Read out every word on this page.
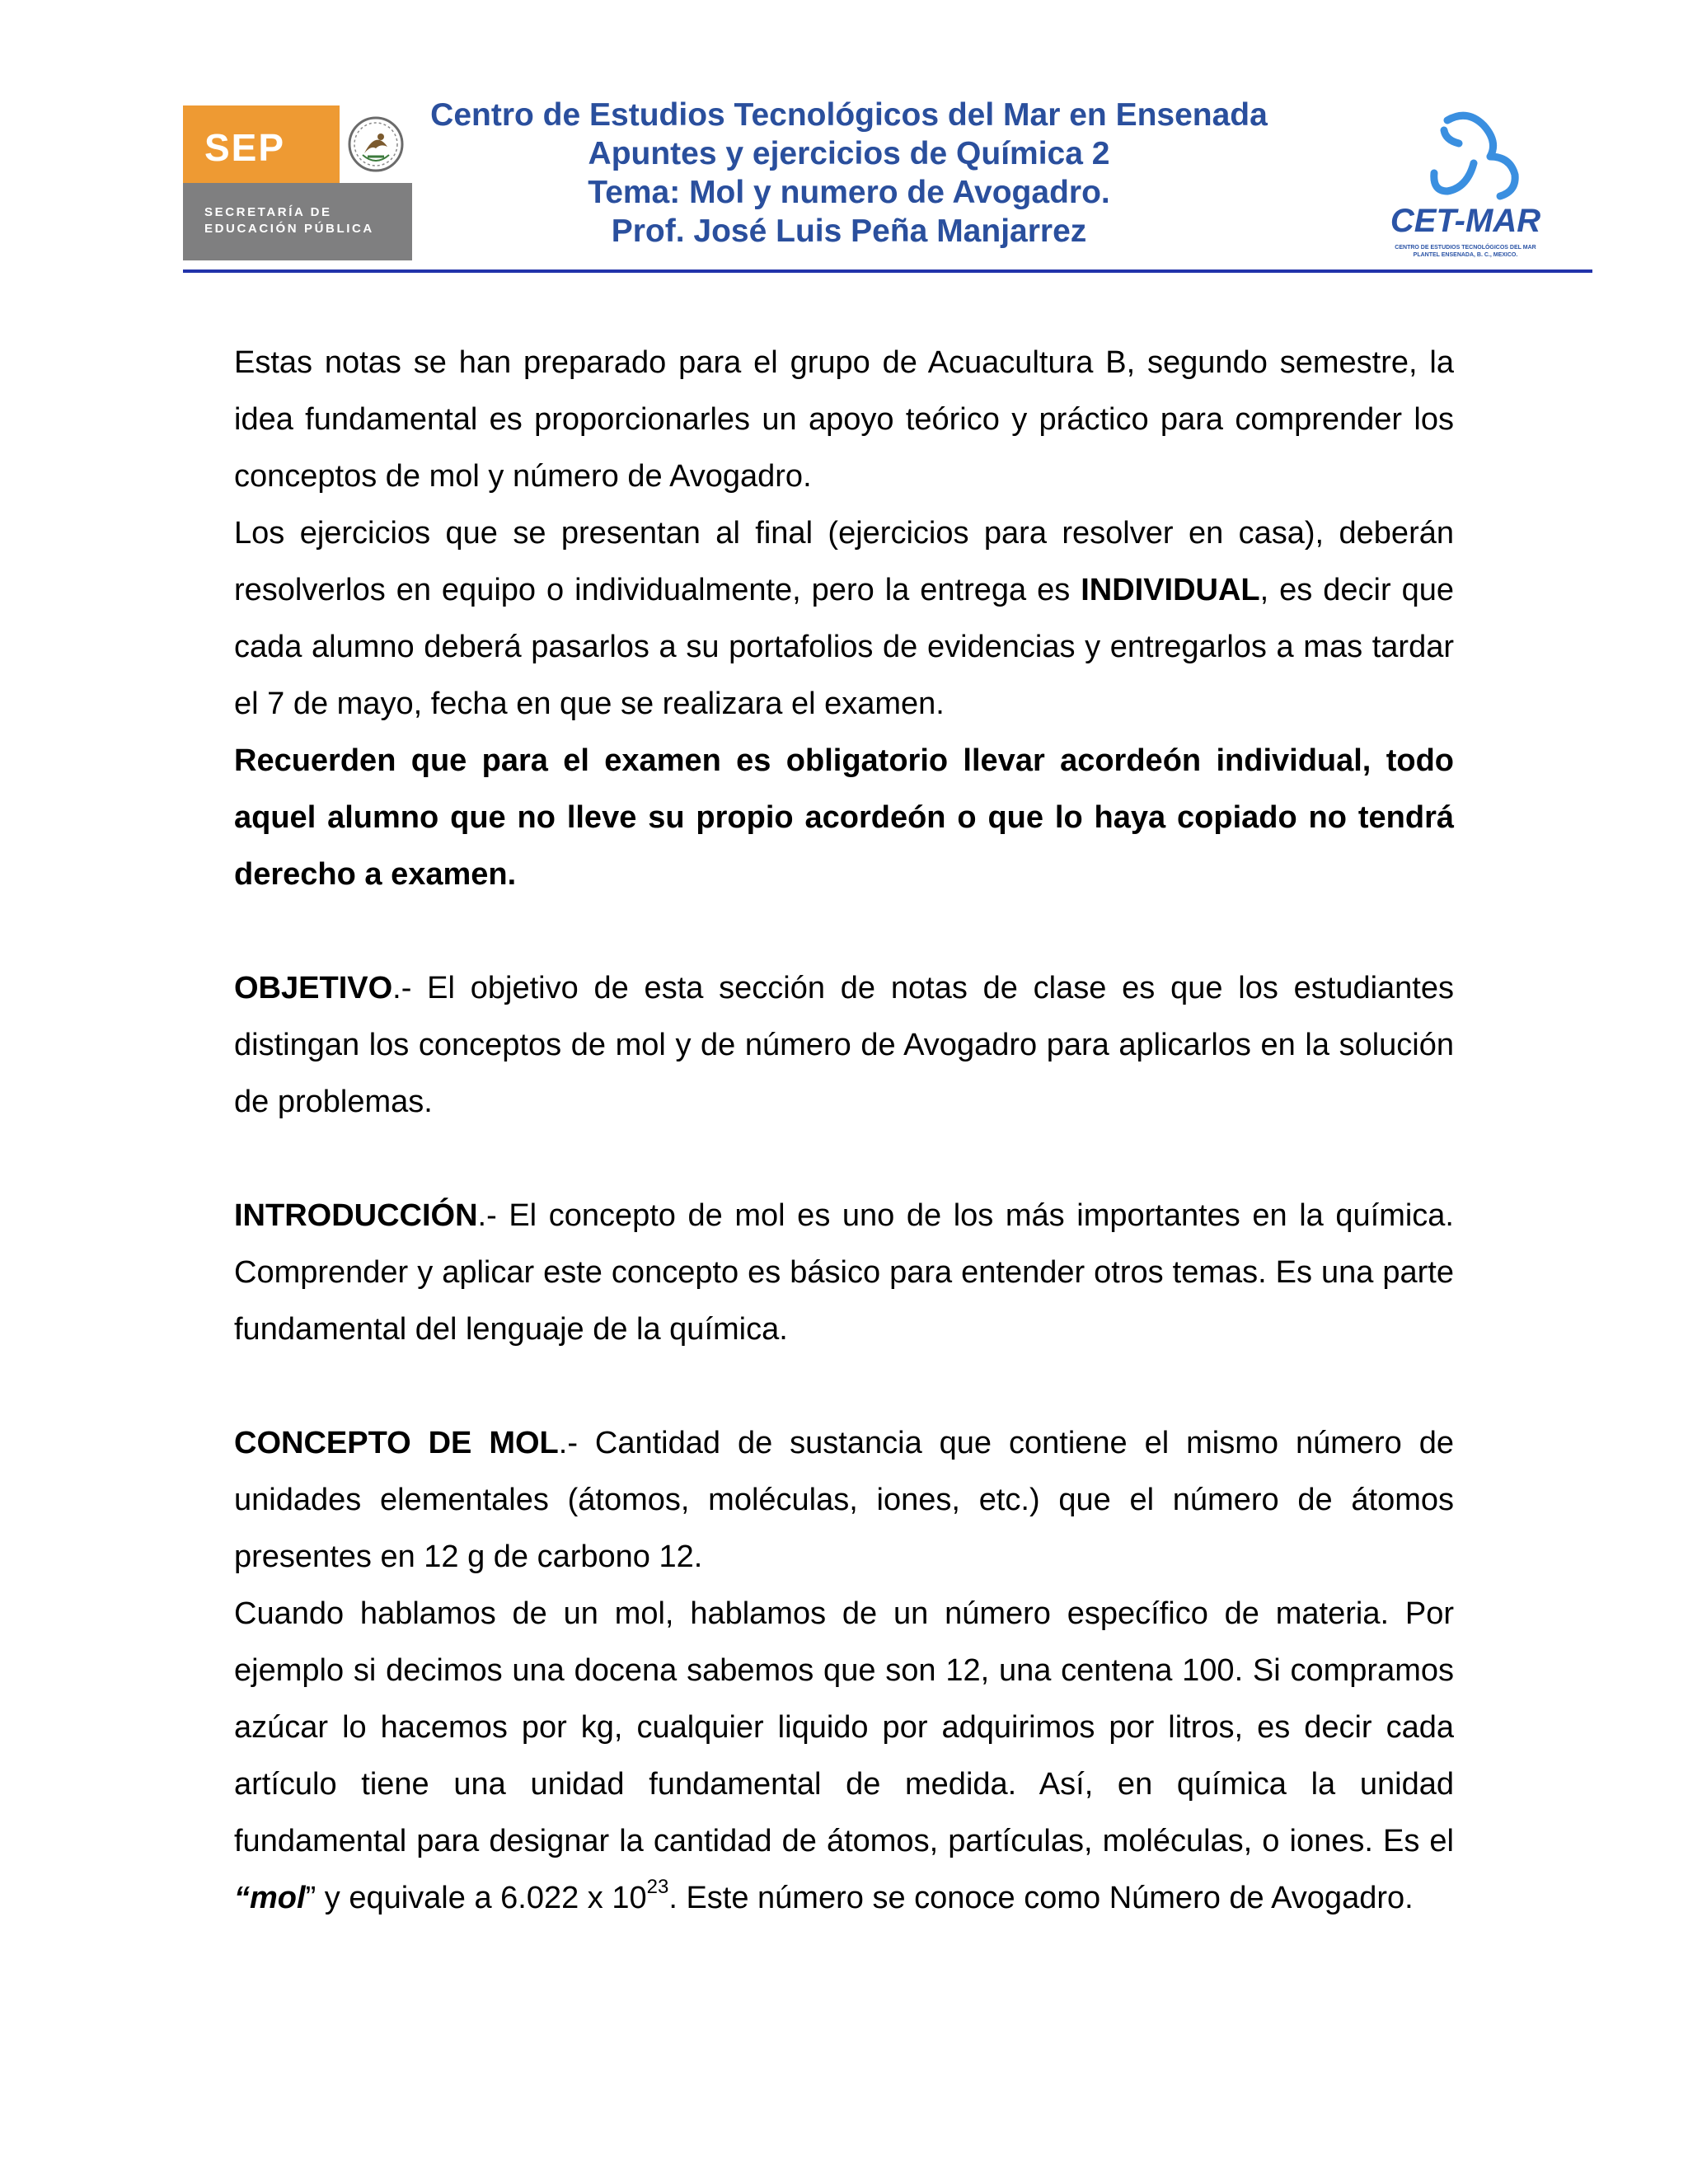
SEP
SECRETARÍA DE
EDUCACIÓN PÚBLICA
Centro de Estudios Tecnológicos del Mar en Ensenada
Apuntes y ejercicios de Química 2
Tema: Mol y numero de Avogadro.
Prof. José Luis Peña Manjarrez	CET-MAR
CENTRO DE ESTUDIOS TECNOLÓGICOS DEL MAR
PLANTEL ENSENADA, B. C., MEXICO.

Estas notas se han preparado para el grupo de Acuacultura B, segundo semestre, la idea fundamental es proporcionarles un apoyo teórico y práctico para comprender los conceptos de mol y número de Avogadro.

Los ejercicios que se presentan al final (ejercicios para resolver en casa), deberán resolverlos en equipo o individualmente, pero la entrega es INDIVIDUAL, es decir que cada alumno deberá pasarlos a su portafolios de evidencias y entregarlos a mas tardar el 7 de mayo, fecha en que se realizara el examen.

Recuerden que para el examen es obligatorio llevar acordeón individual, todo aquel alumno que no lleve su propio acordeón o que lo haya copiado no tendrá derecho a examen.

OBJETIVO.- El objetivo de esta sección de notas de clase es que los estudiantes distingan los conceptos de mol y de número de Avogadro para aplicarlos en la solución de problemas.

INTRODUCCIÓN.- El concepto de mol es uno de los más importantes en la química. Comprender y aplicar este concepto es básico para entender otros temas. Es una parte fundamental del lenguaje de la química.

CONCEPTO DE MOL.- Cantidad de sustancia que contiene el mismo número de unidades elementales (átomos, moléculas, iones, etc.) que el número de átomos presentes en 12 g de carbono 12.

Cuando hablamos de un mol, hablamos de un número específico de materia. Por ejemplo si decimos una docena sabemos que son 12, una centena 100. Si compramos azúcar lo hacemos por kg, cualquier liquido por adquirimos por litros, es decir cada artículo tiene una unidad fundamental de medida. Así, en química la unidad fundamental para designar la cantidad de átomos, partículas, moléculas, o iones. Es el “mol” y equivale a 6.022 x $10^{23}$. Este número se conoce como Número de Avogadro.
